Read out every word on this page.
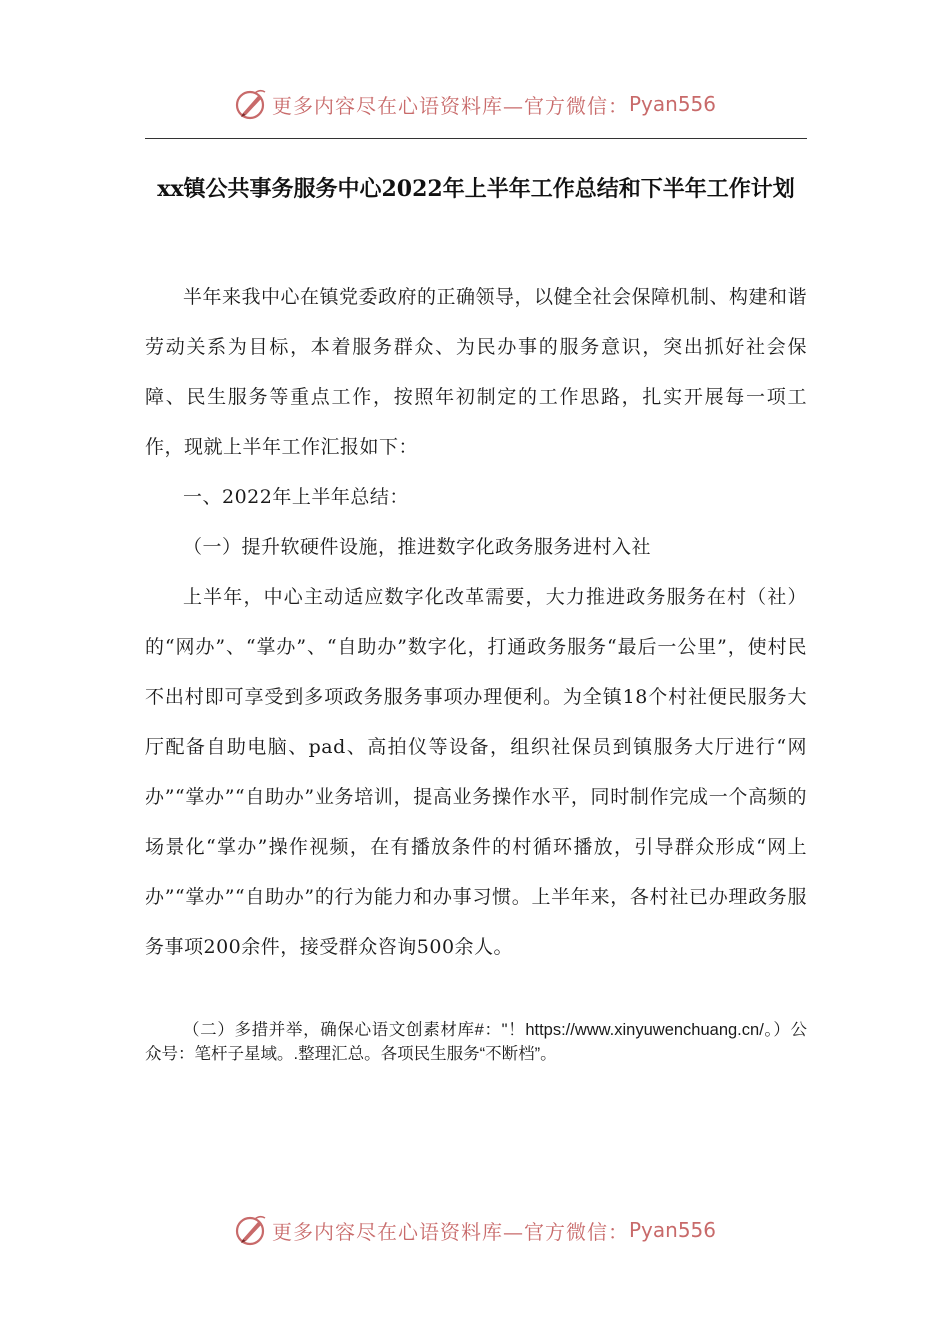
更多内容尽在心语资料库—官方微信： Pyan556
xx镇公共事务服务中心2022年上半年工作总结和下半年工作计划
半年来我中心在镇党委政府的正确领导，以健全社会保障机制、构建和谐劳动关系为目标，本着服务群众、为民办事的服务意识，突出抓好社会保障、民生服务等重点工作，按照年初制定的工作思路，扎实开展每一项工作，现就上半年工作汇报如下：
一、2022年上半年总结：
（一）提升软硬件设施，推进数字化政务服务进村入社
上半年，中心主动适应数字化改革需要，大力推进政务服务在村（社）的“网办”、“掌办”、“自助办”数字化，打通政务服务“最后一公里”，使村民不出村即可享受到多项政务服务事项办理便利。为全镇18个村社便民服务大厅配备自助电脑、pad、高拍仪等设备，组织社保员到镇服务大厅进行“网办”“掌办”“自助办”业务培训，提高业务操作水平，同时制作完成一个高频的场景化“掌办”操作视频，在有播放条件的村循环播放，引导群众形成“网上办”“掌办”“自助办”的行为能力和办事习惯。上半年来，各村社已办理政务服务事项200余件，接受群众咨询500余人。
（二）多措并举，确保心语文创素材库#："！https://www.xinyuwenchuang.cn/。）公众号：笔杆子星域。.整理汇总。各项民生服务“不断档”。
更多内容尽在心语资料库—官方微信： Pyan556
